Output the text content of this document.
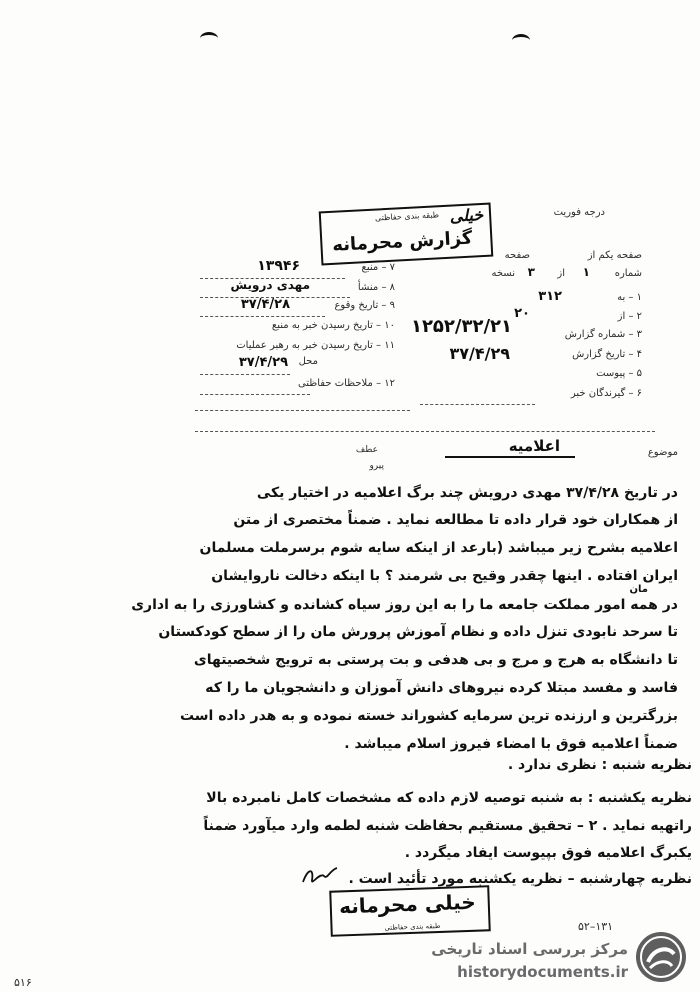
درجه فوریت
طبقه بندی حفاظتی خیلی
گزارش محرمانه	صفحه یکم از
صفحه
شماره
۱
از
۳
نسخه
۱ – به
۳۱۲
۲ – از
۲۰
۳ – شماره گزارش
۱۲۵۲/۳۲/۲۱
۴ – تاریخ گزارش
۳۷/۴/۲۹
۵ – پیوست
۶ – گیرندگان خبر
۷ – منبع
۱۳۹۴۶
۸ – منشأ
مهدی درویش
۹ – تاریخ وقوع
۳۷/۴/۲۸
۱۰ – تاریخ رسیدن خبر به منبع
۱۱ – تاریخ رسیدن خبر به رهبر عملیات
محل
۳۷/۴/۲۹
۱۲ – ملاحظات حفاظتی
موضوع
اعلامیه
عطف
پیرو
در تاریخ ۳۷/۴/۲۸ مهدی درویش چند برگ اعلامیه در اختیار یکی
از همکاران خود قرار داده تا مطالعه نماید . ضمناً مختصری از متن
اعلامیه بشرح زیر میباشد (بارعد از اینکه سایه شوم برسرملت مسلمان
ایران افتاده . اینها چقدر وقیح بی شرمند ؟ با اینکه دخالت ناروایشان
مان
در همه امور مملکت جامعه ما را به این روز سیاه کشانده و کشاورزی را به اداری
تا سرحد نابودی تنزل داده و نظام آموزش پرورش مان را از سطح کودکستان
تا دانشگاه به هرج و مرج و بی هدفی و بت پرستی به ترویج شخصیتهای
فاسد و مفسد مبتلا کرده نیروهای دانش آموزان و دانشجویان ما را که
بزرگترین و ارزنده ترین سرمایه کشوراند خسته نموده و به هدر داده است
ضمناً اعلامیه فوق با امضاء فیروز اسلام میباشد .
نظریه شنبه : نظری ندارد .
نظریه یکشنبه : به شنبه توصیه لازم داده که مشخصات کامل نامبرده بالا
راتهیه نماید . ۲ – تحقیق مستقیم بحفاظت شنبه لطمه وارد میآورد ضمناً
یکبرگ اعلامیه فوق بپیوست ایفاد میگردد .
نظریه چهارشنبه – نظریه یکشنبه مورد تأئید است .
خیلی محرمانه
طبقه بندی حفاظتی	۵۲–۱۳۱
مرکز بررسی اسناد تاریخی
historydocuments.ir
۵۱۶
